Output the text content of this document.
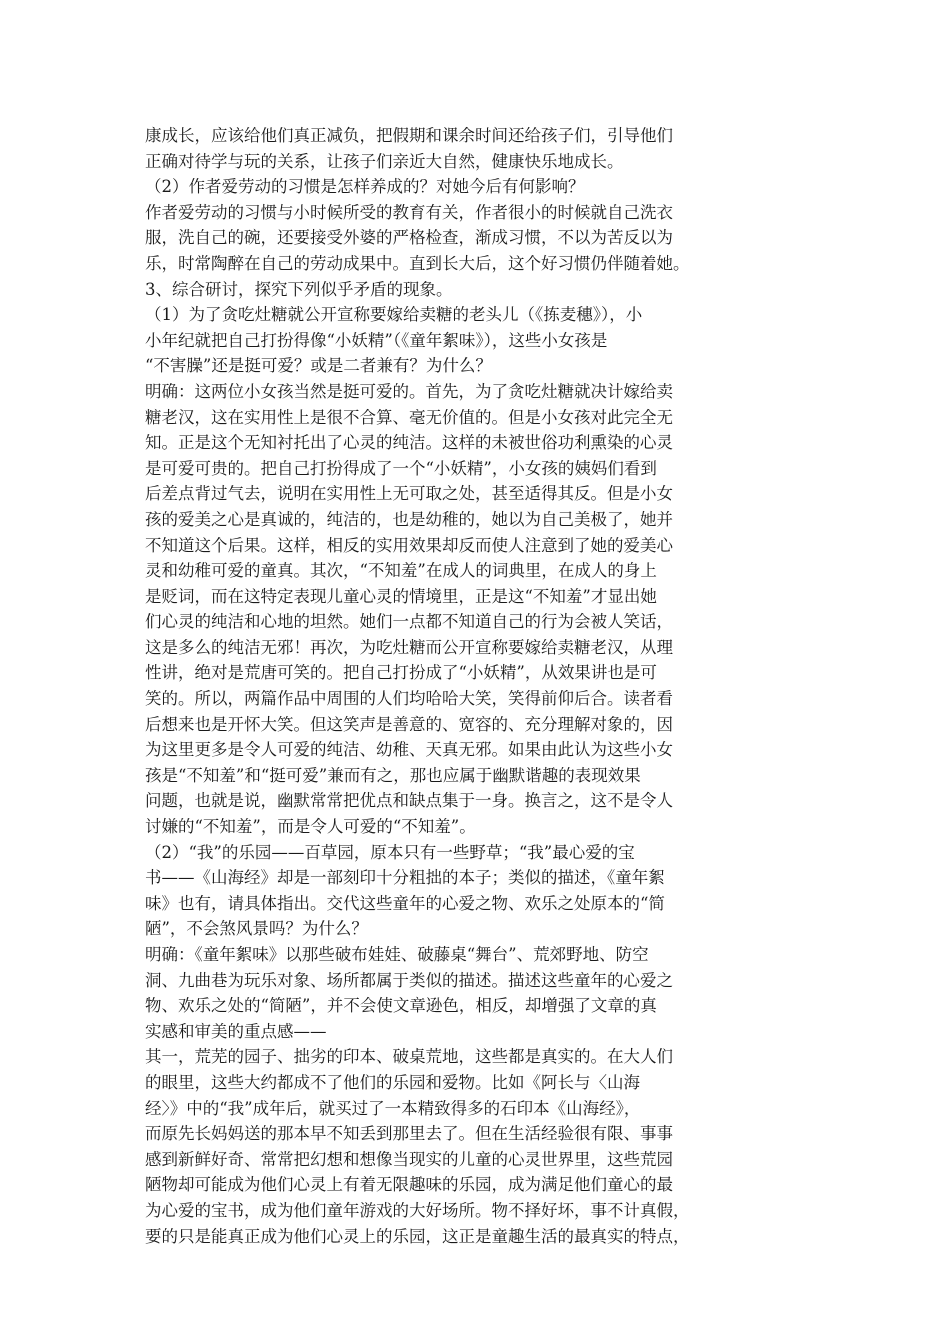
康成长，应该给他们真正减负，把假期和课余时间还给孩子们，引导他们
正确对待学与玩的关系，让孩子们亲近大自然，健康快乐地成长。
（2）作者爱劳动的习惯是怎样养成的？对她今后有何影响？
作者爱劳动的习惯与小时候所受的教育有关，作者很小的时候就自己洗衣
服，洗自己的碗，还要接受外婆的严格检查，渐成习惯，不以为苦反以为
乐，时常陶醉在自己的劳动成果中。直到长大后，这个好习惯仍伴随着她。
3、综合研讨，探究下列似乎矛盾的现象。
（1）为了贪吃灶糖就公开宣称要嫁给卖糖的老头儿（《拣麦穗》），小
小年纪就把自己打扮得像“小妖精”（《童年絮味》），这些小女孩是
“不害臊”还是挺可爱？或是二者兼有？为什么？
明确：这两位小女孩当然是挺可爱的。首先，为了贪吃灶糖就决计嫁给卖
糖老汉，这在实用性上是很不合算、毫无价值的。但是小女孩对此完全无
知。正是这个无知衬托出了心灵的纯洁。这样的未被世俗功利熏染的心灵
是可爱可贵的。把自己打扮得成了一个“小妖精”，小女孩的姨妈们看到
后差点背过气去，说明在实用性上无可取之处，甚至适得其反。但是小女
孩的爱美之心是真诚的，纯洁的，也是幼稚的，她以为自己美极了，她并
不知道这个后果。这样，相反的实用效果却反而使人注意到了她的爱美心
灵和幼稚可爱的童真。其次，“不知羞”在成人的词典里，在成人的身上
是贬词，而在这特定表现儿童心灵的情境里，正是这“不知羞”才显出她
们心灵的纯洁和心地的坦然。她们一点都不知道自己的行为会被人笑话，
这是多么的纯洁无邪！再次，为吃灶糖而公开宣称要嫁给卖糖老汉，从理
性讲，绝对是荒唐可笑的。把自己打扮成了“小妖精”，从效果讲也是可
笑的。所以，两篇作品中周围的人们均哈哈大笑，笑得前仰后合。读者看
后想来也是开怀大笑。但这笑声是善意的、宽容的、充分理解对象的，因
为这里更多是令人可爱的纯洁、幼稚、天真无邪。如果由此认为这些小女
孩是“不知羞”和“挺可爱”兼而有之，那也应属于幽默谐趣的表现效果
问题，也就是说，幽默常常把优点和缺点集于一身。换言之，这不是令人
讨嫌的“不知羞”，而是令人可爱的“不知羞”。
（2）“我”的乐园——百草园，原本只有一些野草；“我”最心爱的宝
书——《山海经》却是一部刻印十分粗拙的本子；类似的描述，《童年絮
味》也有，请具体指出。交代这些童年的心爱之物、欢乐之处原本的“简
陋”，不会煞风景吗？为什么？
明确：《童年絮味》以那些破布娃娃、破藤桌“舞台”、荒郊野地、防空
洞、九曲巷为玩乐对象、场所都属于类似的描述。描述这些童年的心爱之
物、欢乐之处的“简陋”，并不会使文章逊色，相反，却增强了文章的真
实感和审美的重点感——
其一，荒芜的园子、拙劣的印本、破桌荒地，这些都是真实的。在大人们
的眼里，这些大约都成不了他们的乐园和爱物。比如《阿长与〈山海
经〉》中的“我”成年后，就买过了一本精致得多的石印本《山海经》，
而原先长妈妈送的那本早不知丢到那里去了。但在生活经验很有限、事事
感到新鲜好奇、常常把幻想和想像当现实的儿童的心灵世界里，这些荒园
陋物却可能成为他们心灵上有着无限趣味的乐园，成为满足他们童心的最
为心爱的宝书，成为他们童年游戏的大好场所。物不择好坏，事不计真假，
要的只是能真正成为他们心灵上的乐园，这正是童趣生活的最真实的特点，
